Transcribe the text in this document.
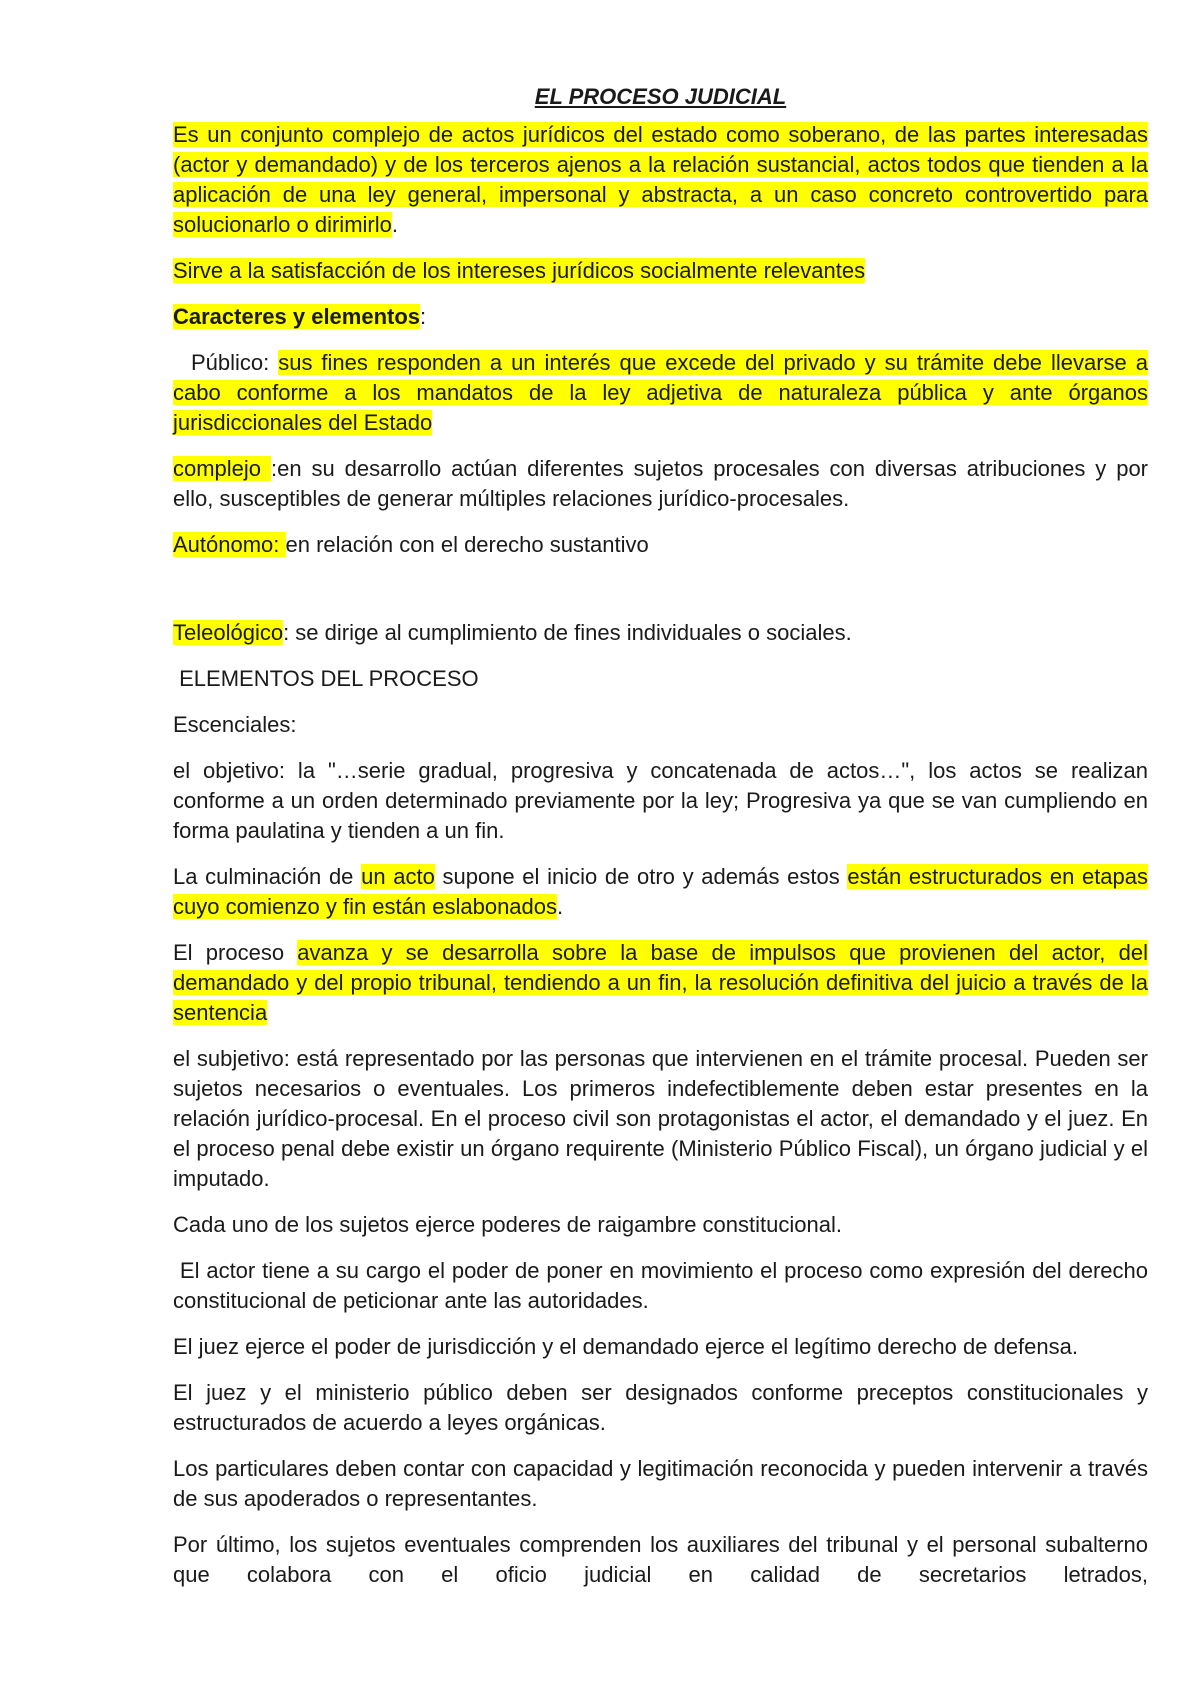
EL PROCESO JUDICIAL

Es un conjunto complejo de actos jurídicos del estado como soberano, de las partes interesadas (actor y demandado) y de los terceros ajenos a la relación sustancial, actos todos que tienden a la aplicación de una ley general, impersonal y abstracta, a un caso concreto controvertido para solucionarlo o dirimirlo.

Sirve a la satisfacción de los intereses jurídicos socialmente relevantes

Caracteres y elementos:

Público: sus fines responden a un interés que excede del privado y su trámite debe llevarse a cabo conforme a los mandatos de la ley adjetiva de naturaleza pública y ante órganos jurisdiccionales del Estado

complejo :en su desarrollo actúan diferentes sujetos procesales con diversas atribuciones y por ello, susceptibles de generar múltiples relaciones jurídico-procesales.

Autónomo: en relación con el derecho sustantivo

Teleológico: se dirige al cumplimiento de fines individuales o sociales.

ELEMENTOS DEL PROCESO

Escenciales:

el objetivo: la "…serie gradual, progresiva y concatenada de actos…", los actos se realizan conforme a un orden determinado previamente por la ley; Progresiva ya que se van cumpliendo en forma paulatina y tienden a un fin.

La culminación de un acto supone el inicio de otro y además estos están estructurados en etapas cuyo comienzo y fin están eslabonados.

El proceso avanza y se desarrolla sobre la base de impulsos que provienen del actor, del demandado y del propio tribunal, tendiendo a un fin, la resolución definitiva del juicio a través de la sentencia

el subjetivo: está representado por las personas que intervienen en el trámite procesal. Pueden ser sujetos necesarios o eventuales. Los primeros indefectiblemente deben estar presentes en la relación jurídico-procesal. En el proceso civil son protagonistas el actor, el demandado y el juez. En el proceso penal debe existir un órgano requirente (Ministerio Público Fiscal), un órgano judicial y el imputado.

Cada uno de los sujetos ejerce poderes de raigambre constitucional.

El actor tiene a su cargo el poder de poner en movimiento el proceso como expresión del derecho constitucional de peticionar ante las autoridades.

El juez ejerce el poder de jurisdicción y el demandado ejerce el legítimo derecho de defensa.

El juez y el ministerio público deben ser designados conforme preceptos constitucionales y estructurados de acuerdo a leyes orgánicas.

Los particulares deben contar con capacidad y legitimación reconocida y pueden intervenir a través de sus apoderados o representantes.

Por último, los sujetos eventuales comprenden los auxiliares del tribunal y el personal subalterno que colabora con el oficio judicial en calidad de secretarios letrados,
